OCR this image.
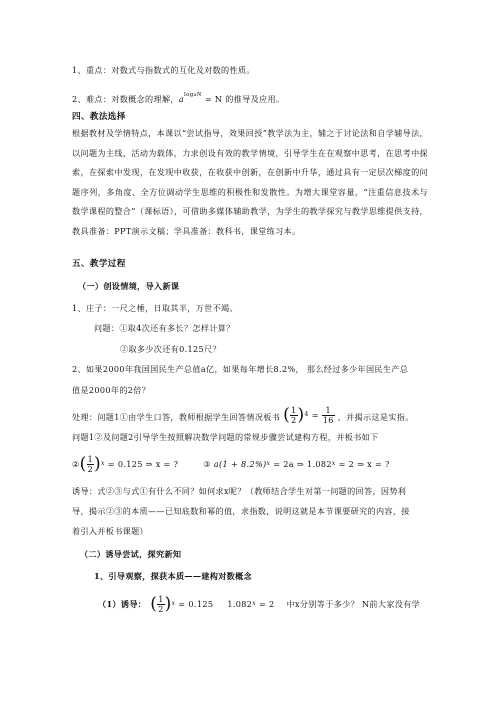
1、重点：对数式与指数式的互化及对数的性质。
2、难点：对数概念的理解，$a^{logaN} = N$ 的推导及应用。
四、教法选择
根据教材及学情特点，本课以“尝试指导，效果回授”教学法为主，辅之于讨论法和自学辅导法，以问题为主线，活动为载体，力求创设有效的教学情境，引导学生在在观察中思考，在思考中探索，在探索中发现，在发现中收获，在收获中创新，在创新中升华，通过具有一定层次梯度的问题序列，多角度、全方位调动学生思维的积极性和发散性。为增大课堂容量，“注重信息技术与数学课程的整合”（课标语），可借助多媒体辅助教学，为学生的教学探究与教学思维提供支持，教具准备：PPT演示文稿；学具准备：教科书，课堂练习本。
五、教学过程
（一）创设情境，导入新课
1、庄子：一尺之棰，日取其半，万世不竭。
问题：①取4次还有多长？怎样计算？
②取多少次还有0.125尺？
2、如果2000年我国国民生产总值a亿，如果每年增长8.2%， 那么经过多少年国民生产总
值是2000年的2倍？
处理：问题1①由学生口答，教师根据学生回答情况板书 ( $\frac{1}{2}$ ) $4 = \frac{1}{16}$ ，并揭示这是实指。
问题1②及问题2引导学生按照解决数学问题的常规步骤尝试建构方程，并板书如下
② ( $\frac{1}{2}$ ) x = 0.125 ⇒ x = ?
	③ a(1 + 8.2%) x = 2a ⇒ 1.082 x = 2 ⇒ x = ?
诱导：式②③与式①有什么不同？如何求x呢？（教师结合学生对第一问题的回答，因势利
导，揭示②③的本质——已知底数和幂的值，求指数，说明这就是本节课要研究的内容，接
着引入并板书课题）
（二）诱导尝试，探究新知
1、引导观察，探获本质——建构对数概念
（1）诱导： ( $\frac{1}{2}$ ) x = 0.125 1.082 x = 2 中x分别等于多少？ N前大家没有学
